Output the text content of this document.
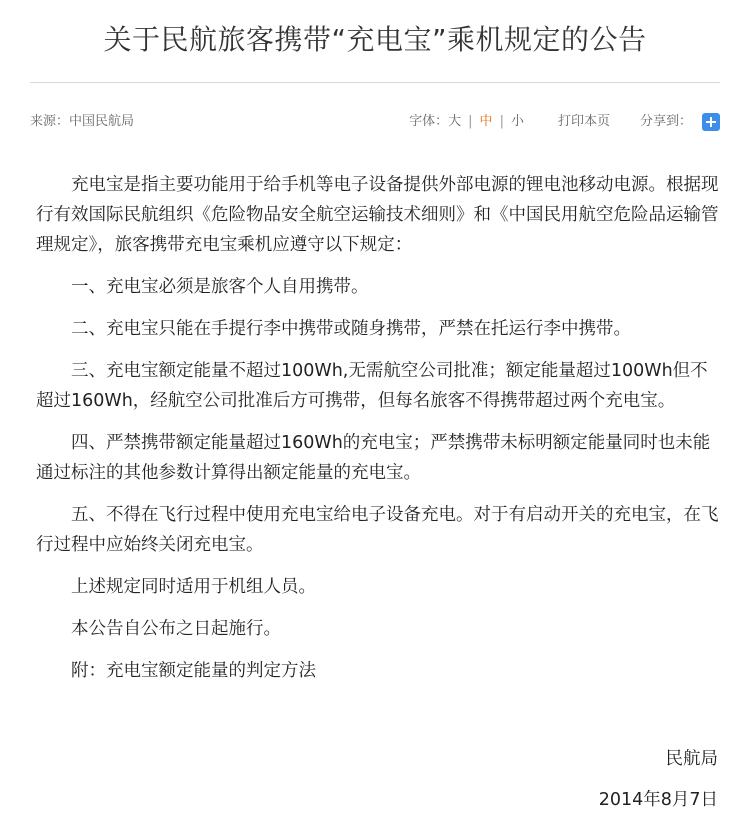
关于民航旅客携带“充电宝”乘机规定的公告
来源：中国民航局	字体： 大 | 中 | 小	打印本页 分享到：

充电宝是指主要功能用于给手机等电子设备提供外部电源的锂电池移动电源。根据现行有效国际民航组织《危险物品安全航空运输技术细则》和《中国民用航空危险品运输管理规定》，旅客携带充电宝乘机应遵守以下规定：

一、充电宝必须是旅客个人自用携带。

二、充电宝只能在手提行李中携带或随身携带，严禁在托运行李中携带。

三、充电宝额定能量不超过100Wh,无需航空公司批准；额定能量超过100Wh但不超过160Wh，经航空公司批准后方可携带，但每名旅客不得携带超过两个充电宝。

四、严禁携带额定能量超过160Wh的充电宝；严禁携带未标明额定能量同时也未能通过标注的其他参数计算得出额定能量的充电宝。

五、不得在飞行过程中使用充电宝给电子设备充电。对于有启动开关的充电宝，在飞行过程中应始终关闭充电宝。

上述规定同时适用于机组人员。

本公告自公布之日起施行。

附：充电宝额定能量的判定方法

民航局
2014年8月7日
